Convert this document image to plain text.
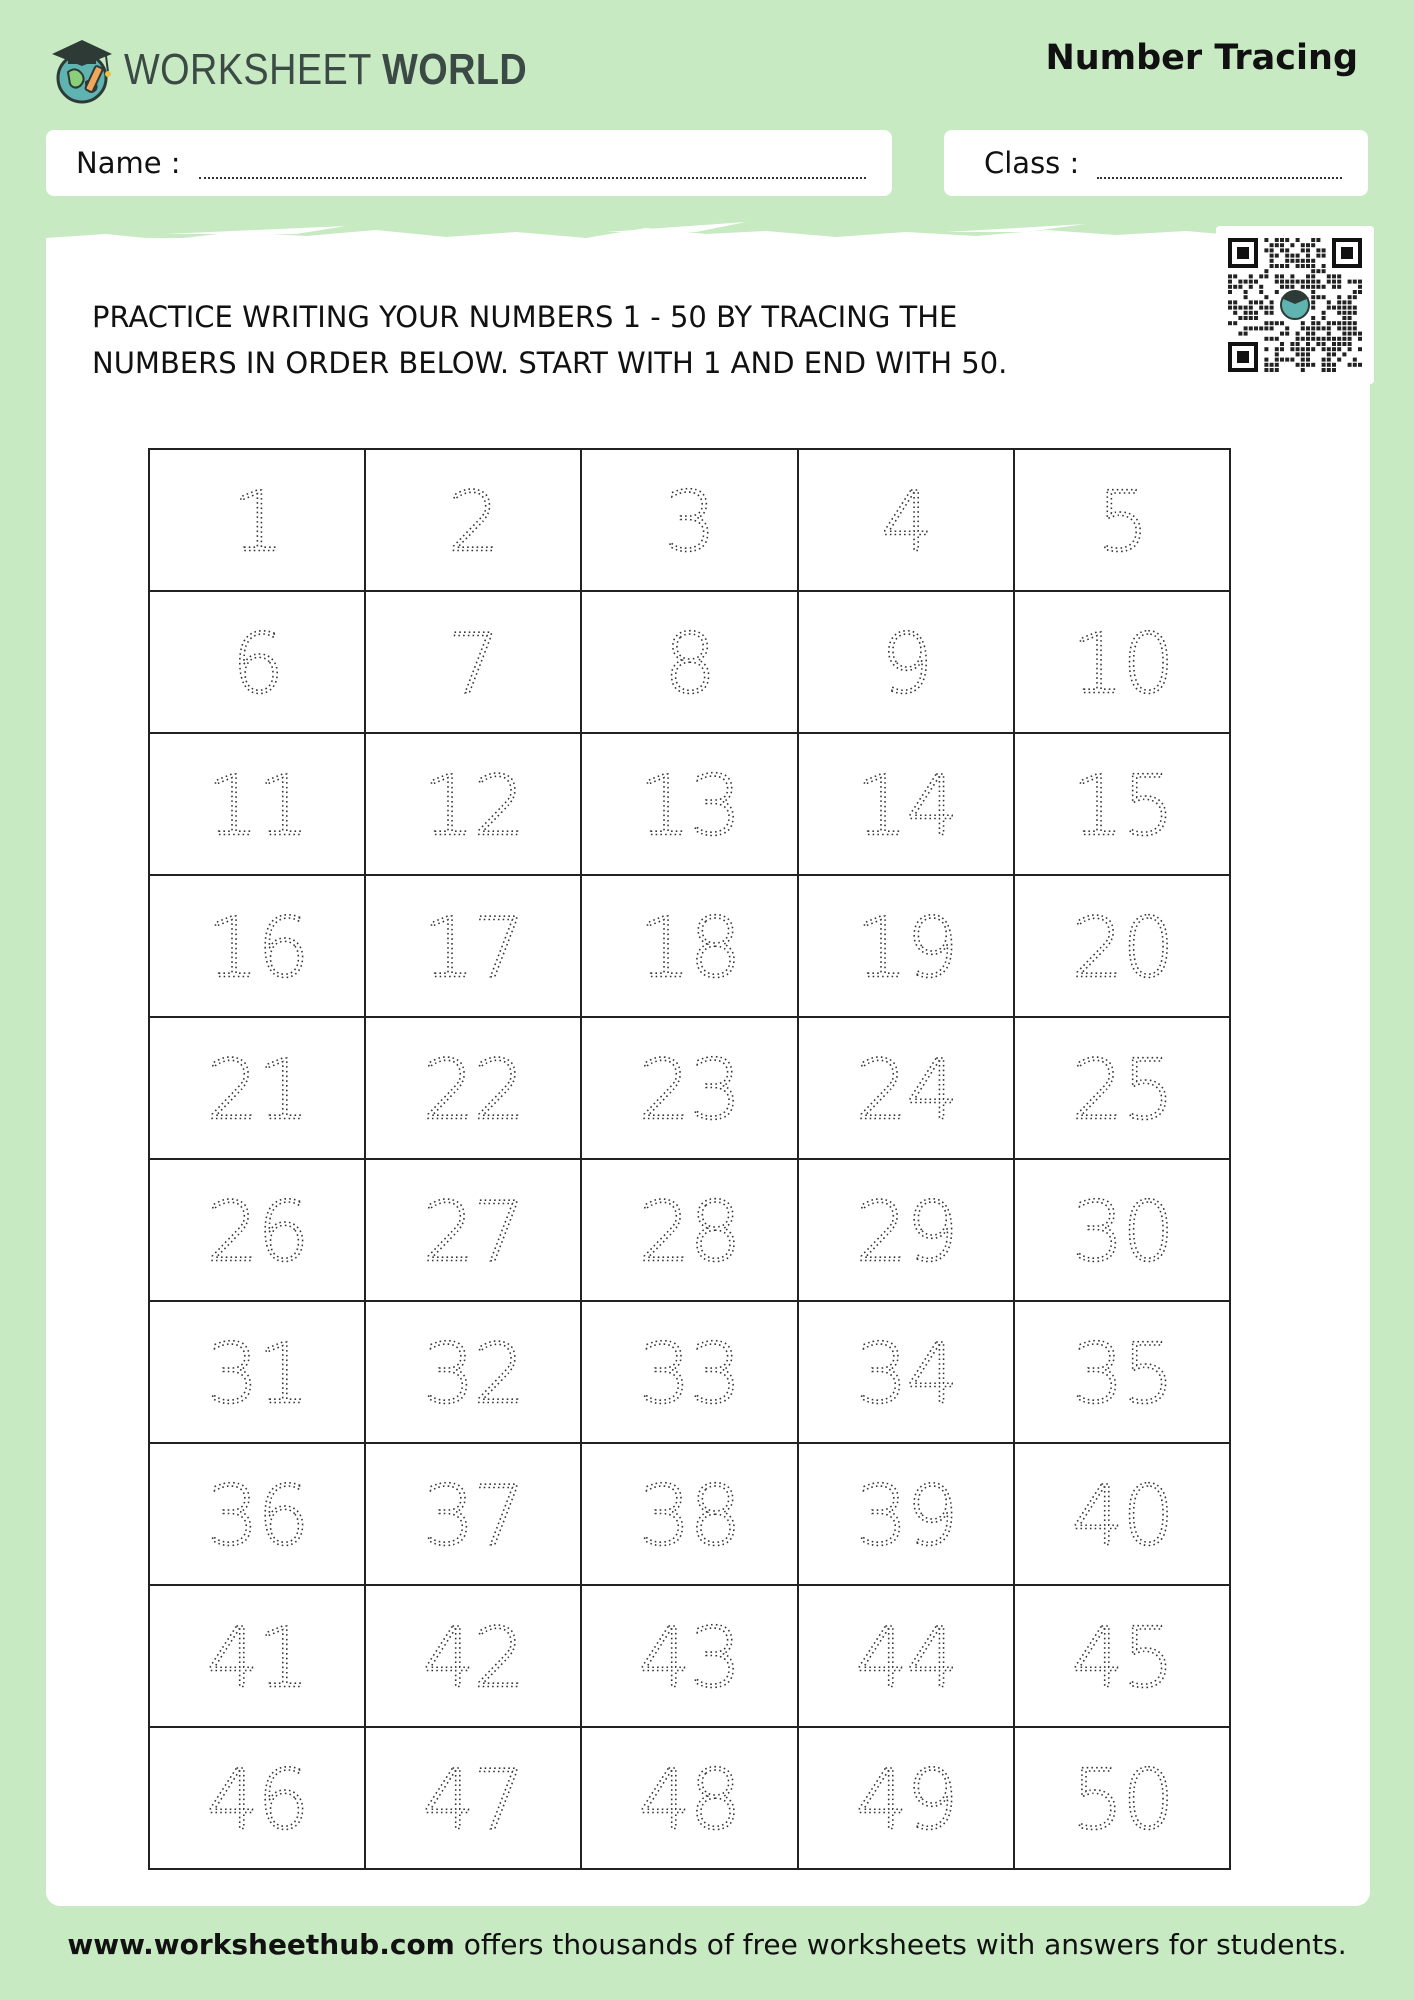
WORKSHEET WORLD	Number Tracing
Name :	Class :

PRACTICE WRITING YOUR NUMBERS 1 - 50 BY TRACING THE
NUMBERS IN ORDER BELOW. START WITH 1 AND END WITH 50.

1 2 3 4 5
6 7 8 9 10
11 12 13 14 15
16 17 18 19 20
21 22 23 24 25
26 27 28 29 30
31 32 33 34 35
36 37 38 39 40
41 42 43 44 45
46 47 48 49 50
www.worksheethub.com offers thousands of free worksheets with answers for students.
